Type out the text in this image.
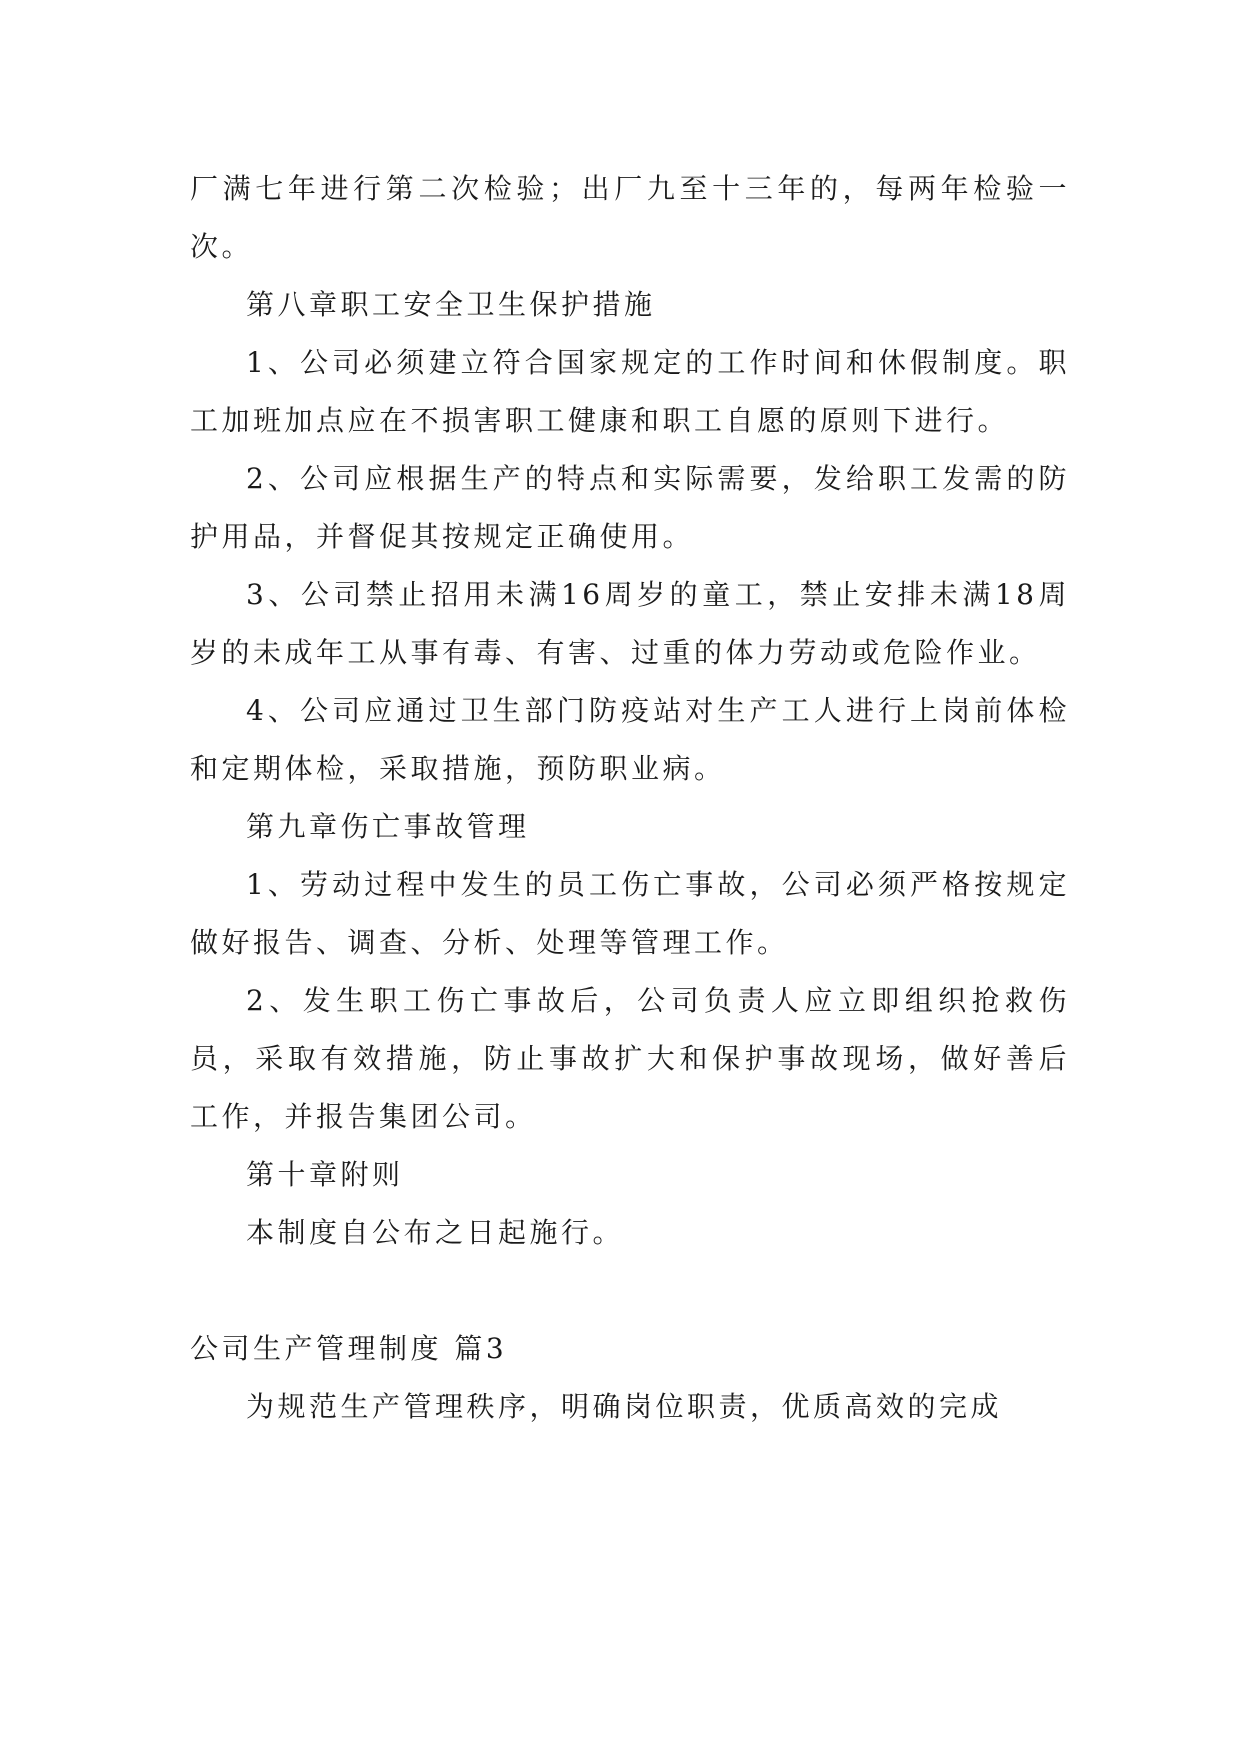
厂满七年进行第二次检验；出厂九至十三年的，每两年检验一次。

第八章职工安全卫生保护措施

1、公司必须建立符合国家规定的工作时间和休假制度。职工加班加点应在不损害职工健康和职工自愿的原则下进行。

2、公司应根据生产的特点和实际需要，发给职工发需的防护用品，并督促其按规定正确使用。

3、公司禁止招用未满16周岁的童工，禁止安排未满18周岁的未成年工从事有毒、有害、过重的体力劳动或危险作业。

4、公司应通过卫生部门防疫站对生产工人进行上岗前体检和定期体检，采取措施，预防职业病。

第九章伤亡事故管理

1、劳动过程中发生的员工伤亡事故，公司必须严格按规定做好报告、调查、分析、处理等管理工作。

2、发生职工伤亡事故后，公司负责人应立即组织抢救伤员，采取有效措施，防止事故扩大和保护事故现场，做好善后工作，并报告集团公司。

第十章附则

本制度自公布之日起施行。

公司生产管理制度 篇3

为规范生产管理秩序，明确岗位职责，优质高效的完成
